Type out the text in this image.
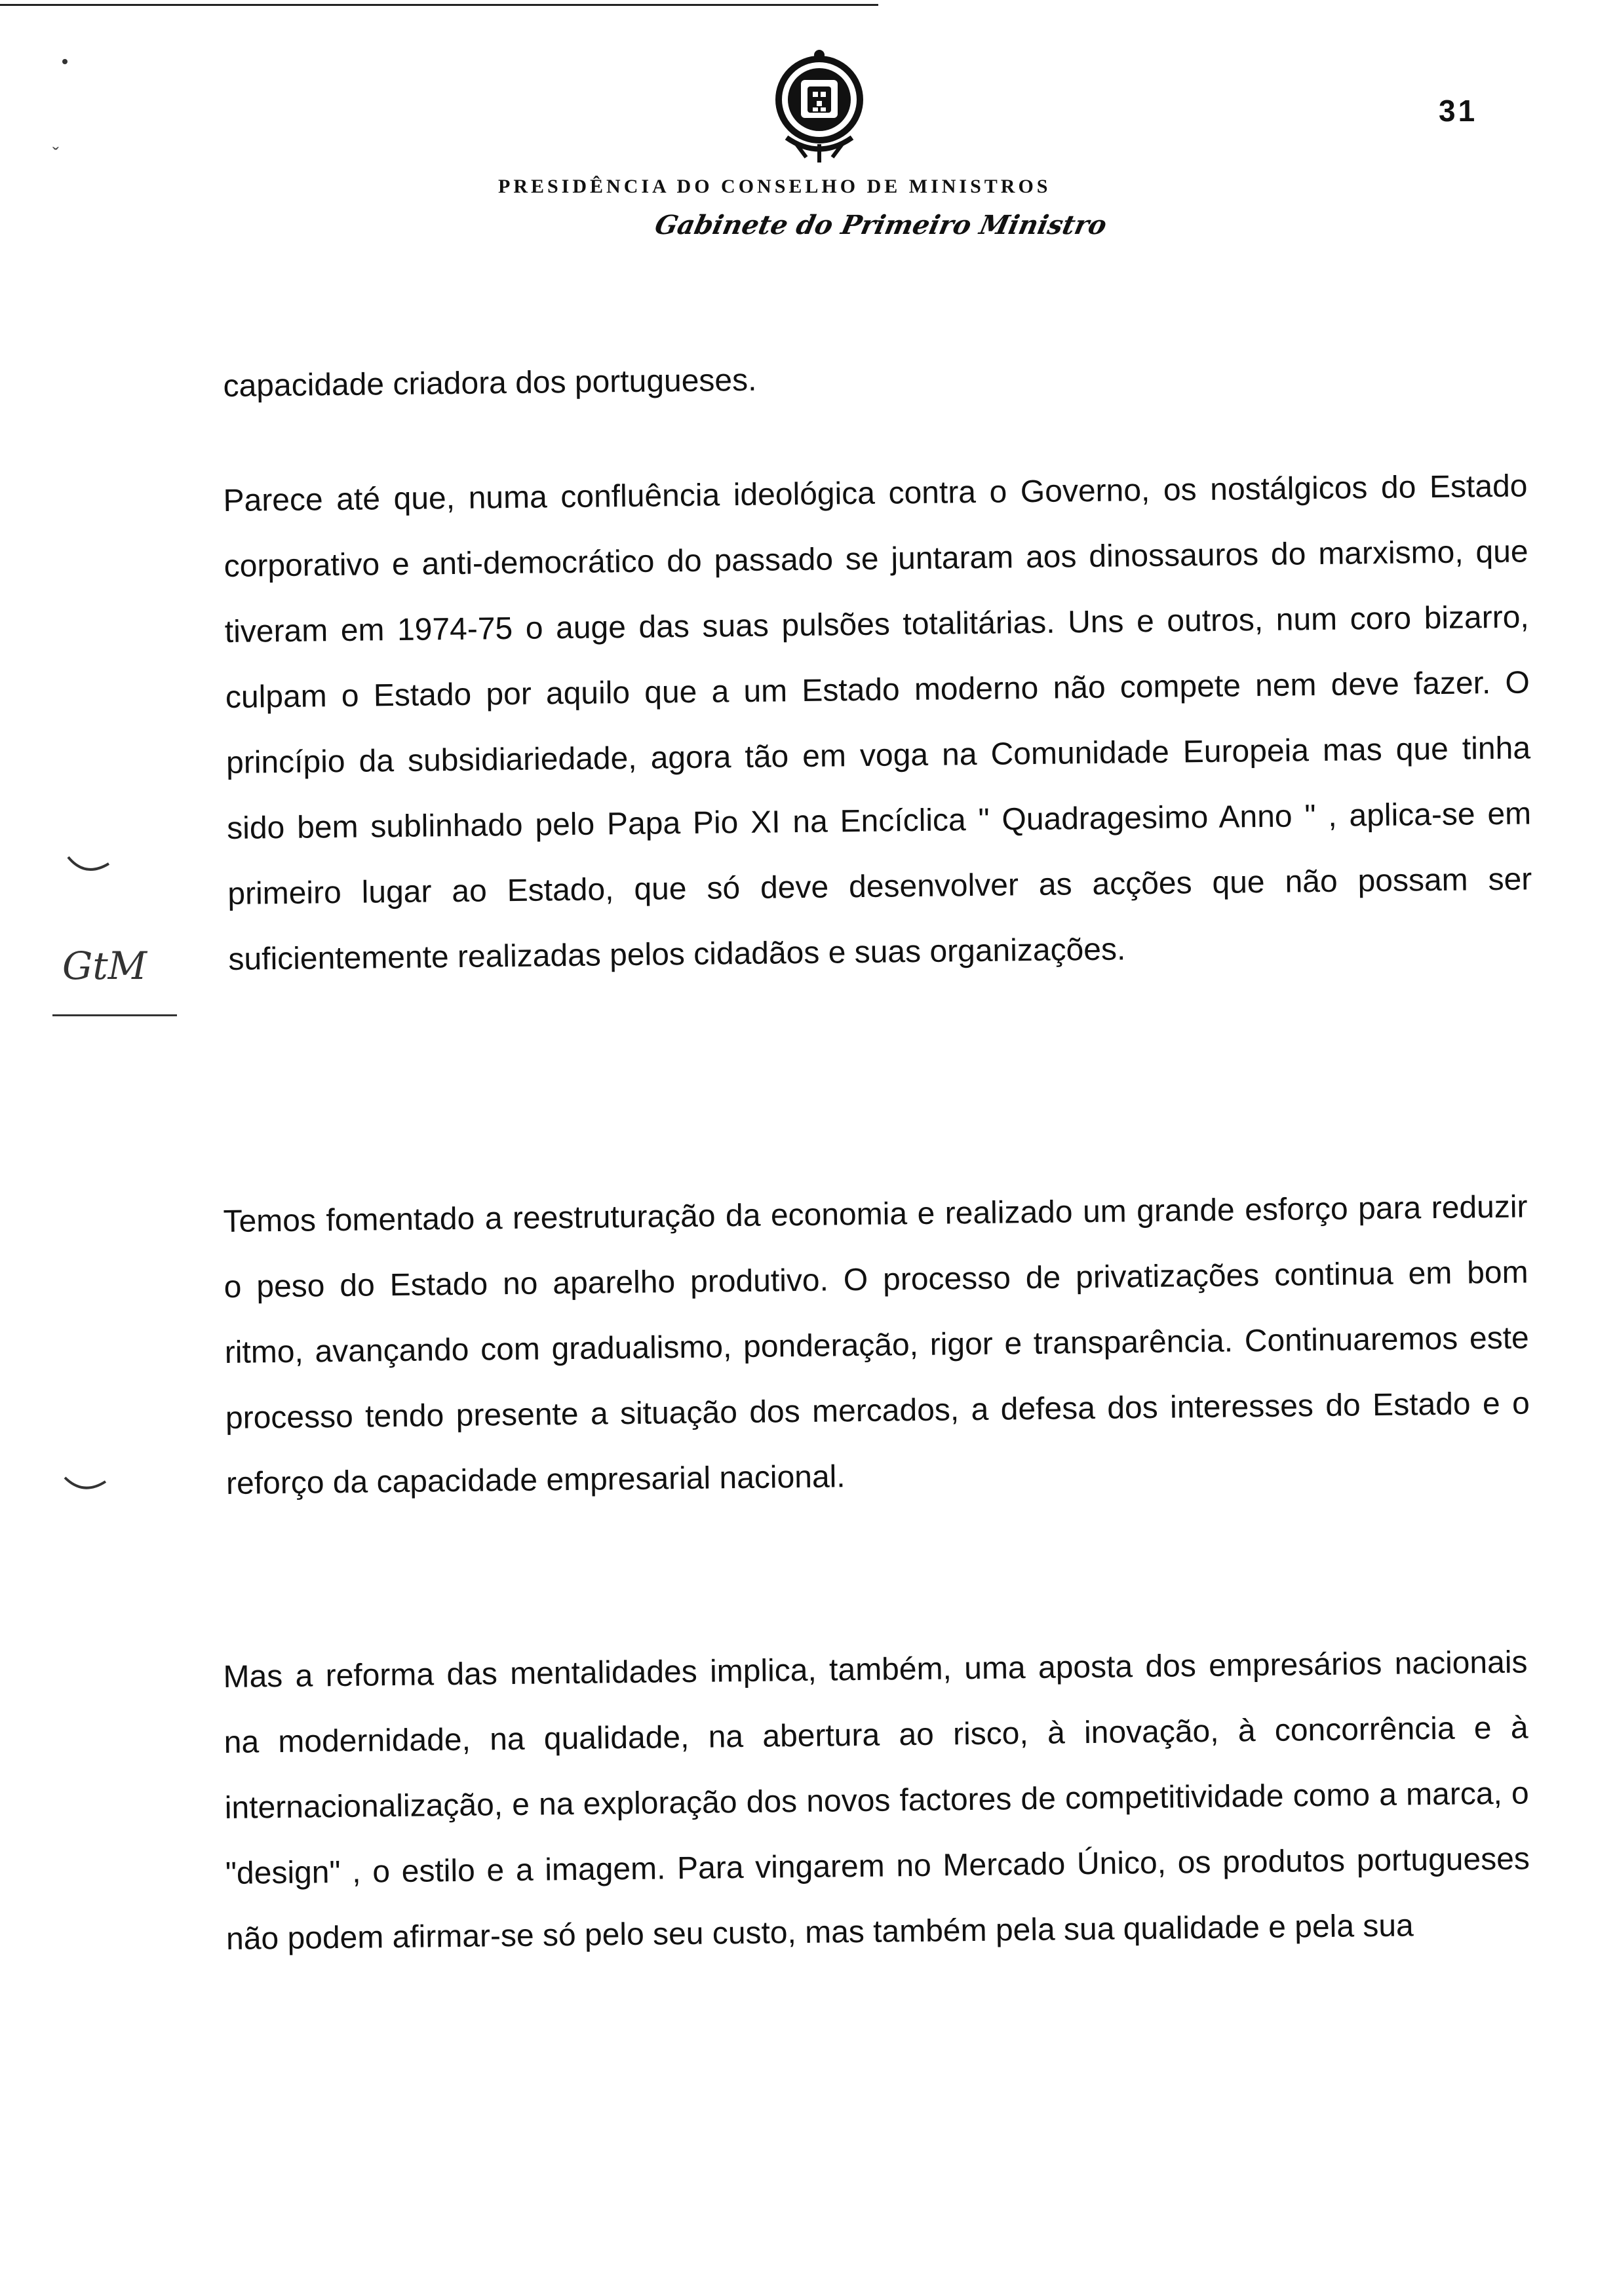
ˇ
31
PRESIDÊNCIA DO CONSELHO DE MINISTROS
Gabinete do Primeiro Ministro

capacidade criadora dos portugueses.

Parece até que, numa confluência ideológica contra o Governo, os nostálgicos do Estado corporativo e anti-democrático do passado se juntaram aos dinossauros do marxismo, que tiveram em 1974-75 o auge das suas pulsões totalitárias. Uns e outros, num coro bizarro, culpam o Estado por aquilo que a um Estado moderno não compete nem deve fazer. O princípio da subsidiariedade, agora tão em voga na Comunidade Europeia mas que tinha sido bem sublinhado pelo Papa Pio XI na Encíclica " Quadragesimo Anno " , aplica-se em primeiro lugar ao Estado, que só deve desenvolver as acções que não possam ser suficientemente realizadas pelos cidadãos e suas organizações.

Temos fomentado a reestruturação da economia e realizado um grande esforço para reduzir o peso do Estado no aparelho produtivo. O processo de privatizações continua em bom ritmo, avançando com gradualismo, ponderação, rigor e transparência. Continuaremos este processo tendo presente a situação dos mercados, a defesa dos interesses do Estado e o reforço da capacidade empresarial nacional.

Mas a reforma das mentalidades implica, também, uma aposta dos empresários nacionais na modernidade, na qualidade, na abertura ao risco, à inovação, à concorrência e à internacionalização, e na exploração dos novos factores de competitividade como a marca, o "design" , o estilo e a imagem. Para vingarem no Mercado Único, os produtos portugueses não podem afirmar-se só pelo seu custo, mas também pela sua qualidade e pela sua

GtM
